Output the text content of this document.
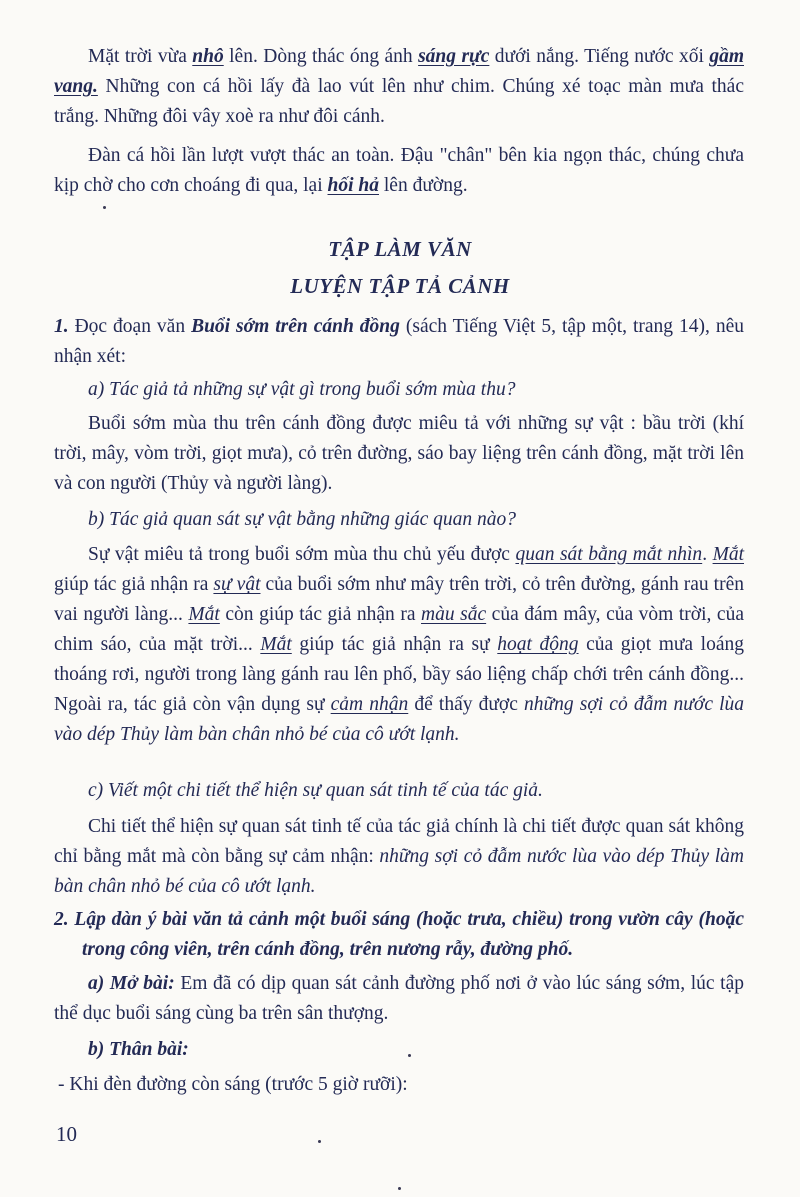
Mặt trời vừa nhô lên. Dòng thác óng ánh sáng rực dưới nắng. Tiếng nước xối gầm vang. Những con cá hồi lấy đà lao vút lên như chim. Chúng xé toạc màn mưa thác trắng. Những đôi vây xoè ra như đôi cánh.

Đàn cá hồi lần lượt vượt thác an toàn. Đậu "chân" bên kia ngọn thác, chúng chưa kịp chờ cho cơn choáng đi qua, lại hối hả lên đường.

TẬP LÀM VĂN
LUYỆN TẬP TẢ CẢNH

1. Đọc đoạn văn Buổi sớm trên cánh đồng (sách Tiếng Việt 5, tập một, trang 14), nêu nhận xét:

a) Tác giả tả những sự vật gì trong buổi sớm mùa thu?

Buổi sớm mùa thu trên cánh đồng được miêu tả với những sự vật : bầu trời (khí trời, mây, vòm trời, giọt mưa), cỏ trên đường, sáo bay liệng trên cánh đồng, mặt trời lên và con người (Thủy và người làng).

b) Tác giả quan sát sự vật bằng những giác quan nào?

Sự vật miêu tả trong buổi sớm mùa thu chủ yếu được quan sát bằng mắt nhìn. Mắt giúp tác giả nhận ra sự vật của buổi sớm như mây trên trời, cỏ trên đường, gánh rau trên vai người làng... Mắt còn giúp tác giả nhận ra màu sắc của đám mây, của vòm trời, của chim sáo, của mặt trời... Mắt giúp tác giả nhận ra sự hoạt động của giọt mưa loáng thoáng rơi, người trong làng gánh rau lên phố, bầy sáo liệng chấp chới trên cánh đồng... Ngoài ra, tác giả còn vận dụng sự cảm nhận để thấy được những sợi cỏ đẫm nước lùa vào dép Thủy làm bàn chân nhỏ bé của cô ướt lạnh.

c) Viết một chi tiết thể hiện sự quan sát tinh tế của tác giả.

Chi tiết thể hiện sự quan sát tinh tế của tác giả chính là chi tiết được quan sát không chỉ bằng mắt mà còn bằng sự cảm nhận: những sợi cỏ đẫm nước lùa vào dép Thủy làm bàn chân nhỏ bé của cô ướt lạnh.

2. Lập dàn ý bài văn tả cảnh một buổi sáng (hoặc trưa, chiều) trong vườn cây (hoặc trong công viên, trên cánh đồng, trên nương rẫy, đường phố.

a) Mở bài: Em đã có dịp quan sát cảnh đường phố nơi ở vào lúc sáng sớm, lúc tập thể dục buổi sáng cùng ba trên sân thượng.

b) Thân bài:

- Khi đèn đường còn sáng (trước 5 giờ rưỡi):

10
